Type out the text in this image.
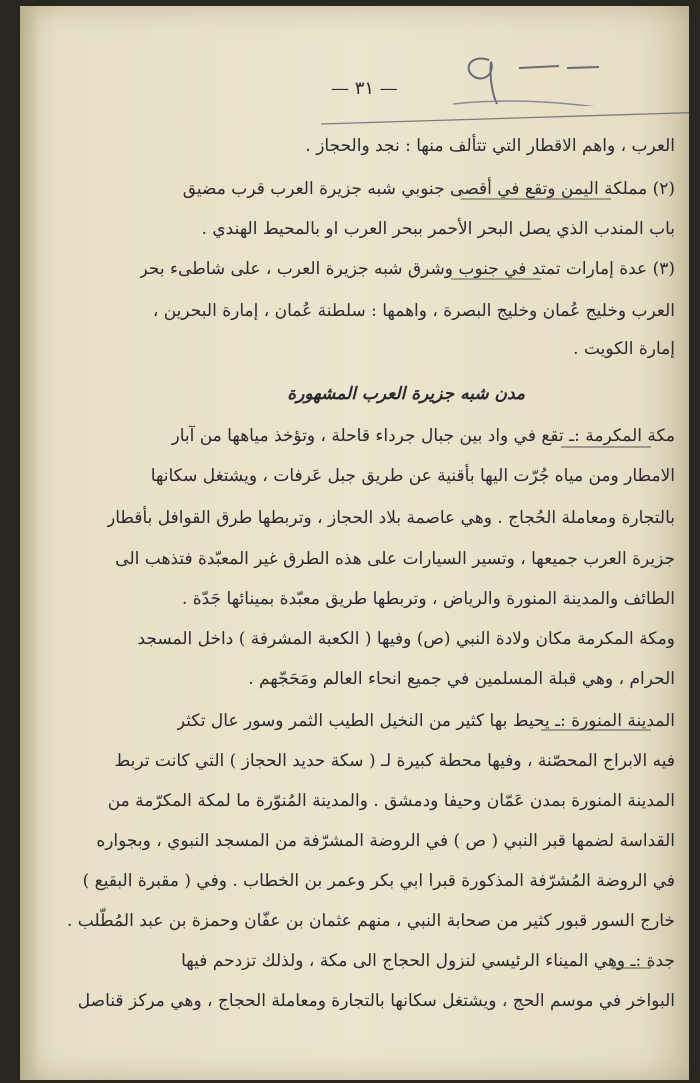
— ٣١ —
العرب ، واهم الاقطار التي تتألف منها : نجد والحجاز .
(٢) مملكة اليمن وتقع في أقصى جنوبي شبه جزيرة العرب قرب مضيق
باب المندب الذي يصل البحر الأحمر ببحر العرب او بالمحيط الهندي .
(٣) عدة إمارات تمتد في جنوب وشرق شبه جزيرة العرب ، على شاطىء بحر
العرب وخليج عُمان وخليج البصرة ، واهمها : سلطنة عُمان ، إمارة البحرين ،
إمارة الكويت .
مدن شبه جزيرة العرب المشهورة
مكة المكرمة :ـ تقع في واد بين جبال جرداء قاحلة ، وتؤخذ مياهها من آبار
الامطار ومن مياه جُرّت اليها بأقنية عن طريق جبل عَرفات ، ويشتغل سكانها
بالتجارة ومعاملة الحُجاج . وهي عاصمة بلاد الحجاز ، وتربطها طرق القوافل بأقطار
جزيرة العرب جميعها ، وتسير السيارات على هذه الطرق غير المعبّدة فتذهب الى
الطائف والمدينة المنورة والرياض ، وتربطها طريق معبّدة بمينائها جَدّة .
ومكة المكرمة مكان ولادة النبي (ص) وفيها ( الكعبة المشرفة ) داخل المسجد
الحرام ، وهي قبلة المسلمين في جميع انحاء العالم ومَحَجّهم .
المدينة المنورة :ـ يحيط بها كثير من النخيل الطيب الثمر وسور عال تكثر
فيه الابراج المحصّنة ، وفيها محطة كبيرة لـ ( سكة حديد الحجاز ) التي كانت تربط
المدينة المنورة بمدن عَمّان وحيفا ودمشق . والمدينة المُنوّرة ما لمكة المكرّمة من
القداسة لضمها قبر النبي ( ص ) في الروضة المشرّفة من المسجد النبوي ، وبجواره
في الروضة المُشرّفة المذكورة قبرا ابي بكر وعمر بن الخطاب . وفي ( مقبرة البقيع )
خارج السور قبور كثير من صحابة النبي ، منهم عثمان بن عفّان وحمزة بن عبد المُطّلب .
جدة :ـ وهي الميناء الرئيسي لنزول الحجاج الى مكة ، ولذلك تزدحم فيها
البواخر في موسم الحج ، ويشتغل سكانها بالتجارة ومعاملة الحجاج ، وهي مركز قناصل
